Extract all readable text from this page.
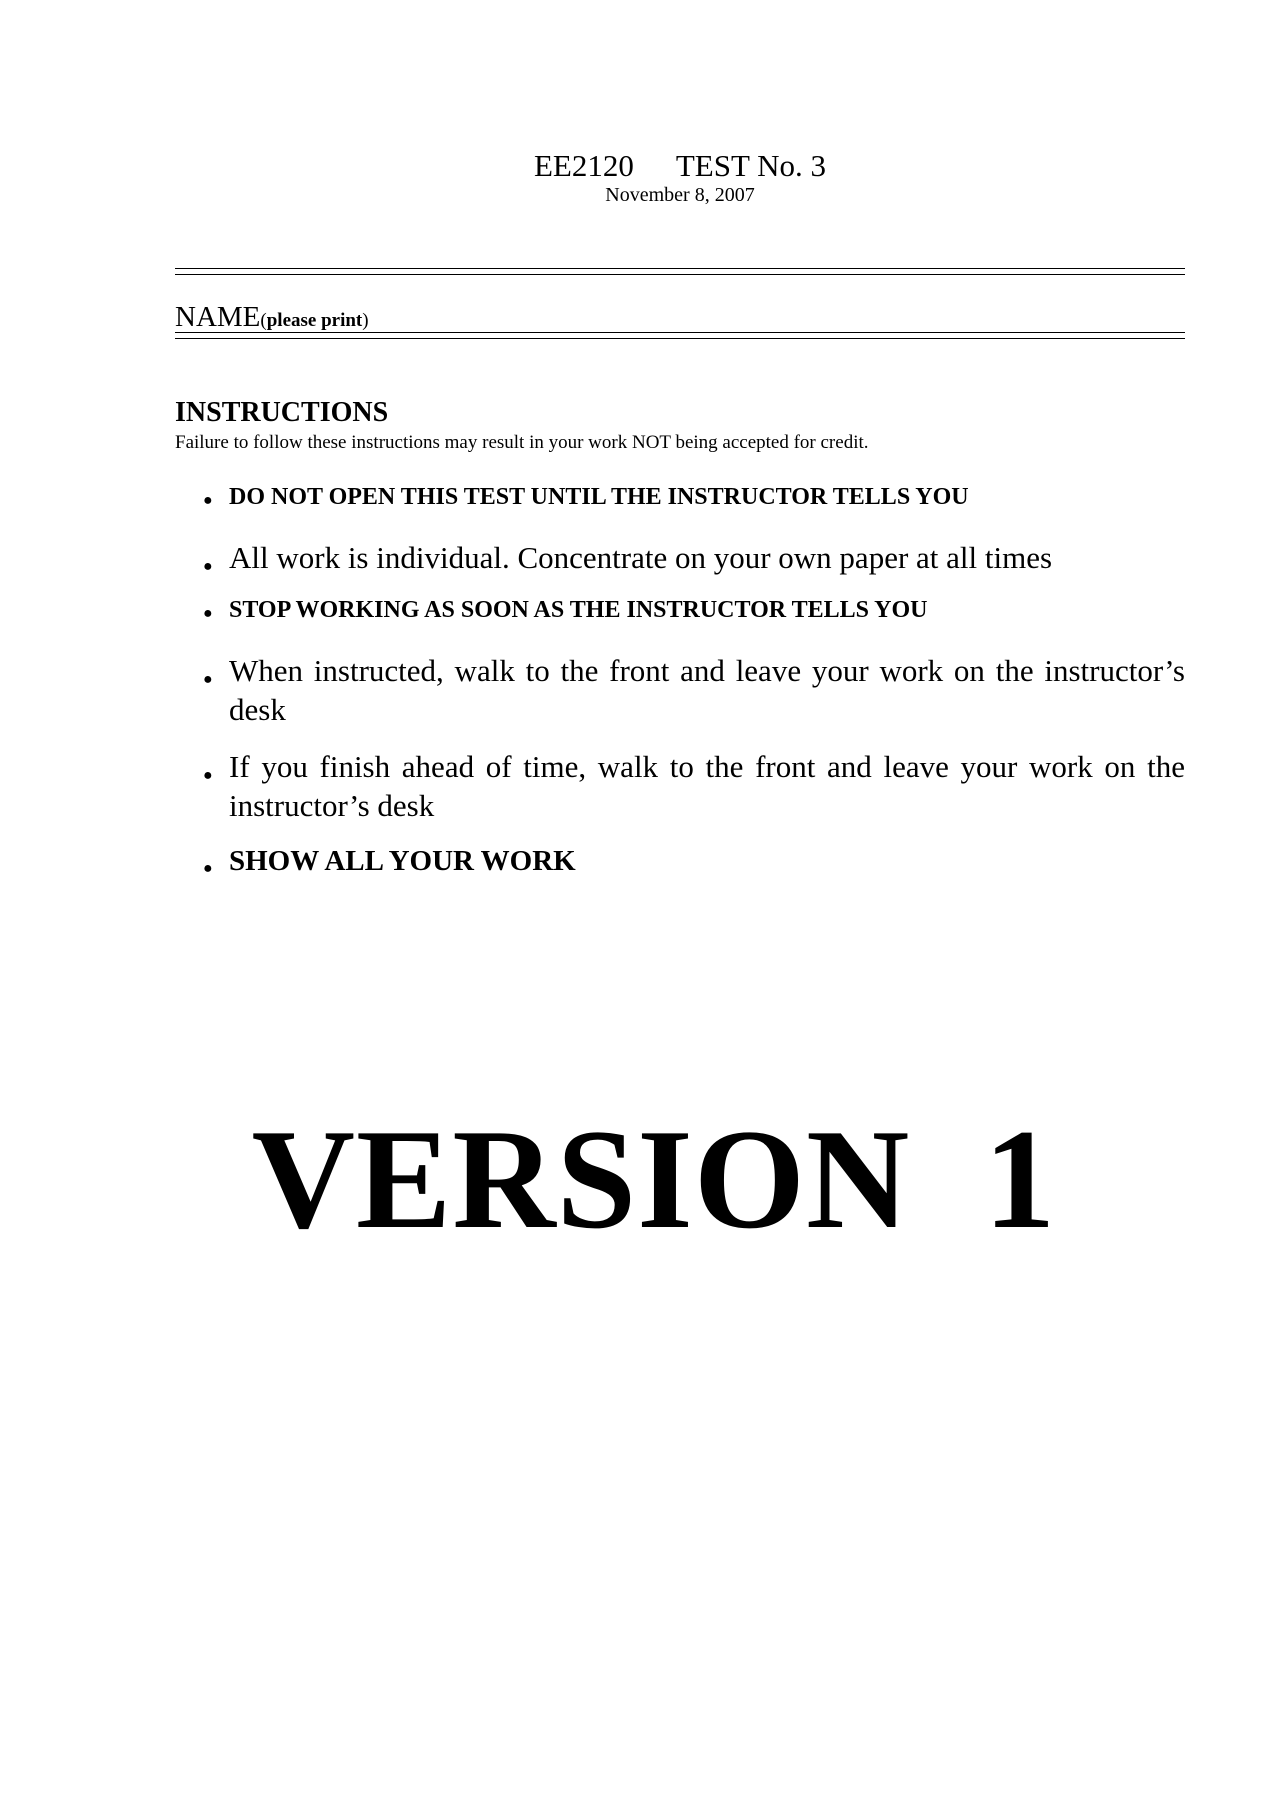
EE2120 TEST No. 3
November 8, 2007
NAME(please print)
INSTRUCTIONS
Failure to follow these instructions may result in your work NOT being accepted for credit.
● DO NOT OPEN THIS TEST UNTIL THE INSTRUCTOR TELLS YOU
● All work is individual. Concentrate on your own paper at all times
● STOP WORKING AS SOON AS THE INSTRUCTOR TELLS YOU
● When instructed, walk to the front and leave your work on the instructor’s desk
● If you finish ahead of time, walk to the front and leave your work on the instructor’s desk
● SHOW ALL YOUR WORK
VERSION  1
